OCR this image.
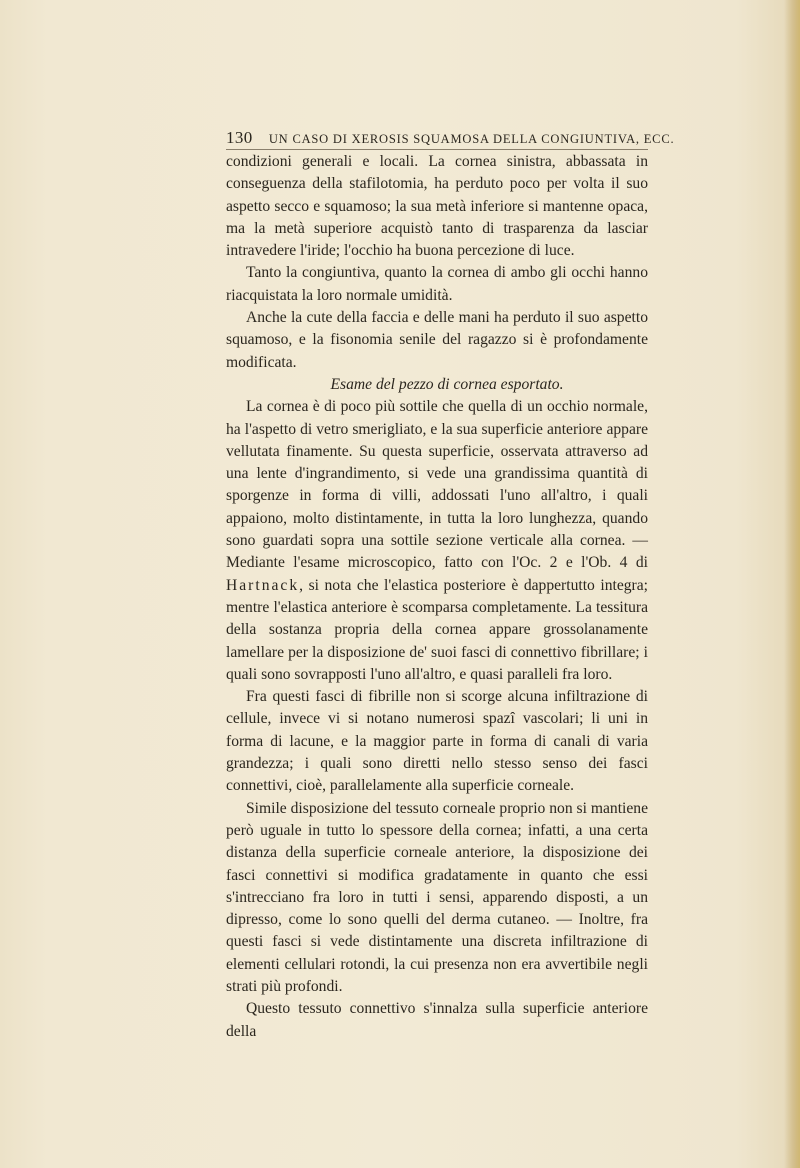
130 UN CASO DI XEROSIS SQUAMOSA DELLA CONGIUNTIVA, ECC.

condizioni generali e locali. La cornea sinistra, abbassata in conseguenza della stafilotomia, ha perduto poco per volta il suo aspetto secco e squamoso; la sua metà inferiore si mantenne opaca, ma la metà superiore acquistò tanto di trasparenza da lasciar intravedere l'iride; l'occhio ha buona percezione di luce.

Tanto la congiuntiva, quanto la cornea di ambo gli occhi hanno riacquistata la loro normale umidità.

Anche la cute della faccia e delle mani ha perduto il suo aspetto squamoso, e la fisonomia senile del ragazzo si è profondamente modificata.

Esame del pezzo di cornea esportato.

La cornea è di poco più sottile che quella di un occhio normale, ha l'aspetto di vetro smerigliato, e la sua superficie anteriore appare vellutata finamente. Su questa superficie, osservata attraverso ad una lente d'ingrandimento, si vede una grandissima quantità di sporgenze in forma di villi, addossati l'uno all'altro, i quali appaiono, molto distintamente, in tutta la loro lunghezza, quando sono guardati sopra una sottile sezione verticale alla cornea. — Mediante l'esame microscopico, fatto con l'Oc. 2 e l'Ob. 4 di Hartnack, si nota che l'elastica posteriore è dappertutto integra; mentre l'elastica anteriore è scomparsa completamente. La tessitura della sostanza propria della cornea appare grossolanamente lamellare per la disposizione de' suoi fasci di connettivo fibrillare; i quali sono sovrapposti l'uno all'altro, e quasi paralleli fra loro.

Fra questi fasci di fibrille non si scorge alcuna infiltrazione di cellule, invece vi si notano numerosi spazî vascolari; li uni in forma di lacune, e la maggior parte in forma di canali di varia grandezza; i quali sono diretti nello stesso senso dei fasci connettivi, cioè, parallelamente alla superficie corneale.

Simile disposizione del tessuto corneale proprio non si mantiene però uguale in tutto lo spessore della cornea; infatti, a una certa distanza della superficie corneale anteriore, la disposizione dei fasci connettivi si modifica gradatamente in quanto che essi s'intrecciano fra loro in tutti i sensi, apparendo disposti, a un dipresso, come lo sono quelli del derma cutaneo. — Inoltre, fra questi fasci si vede distintamente una discreta infiltrazione di elementi cellulari rotondi, la cui presenza non era avvertibile negli strati più profondi.

Questo tessuto connettivo s'innalza sulla superficie anteriore della
